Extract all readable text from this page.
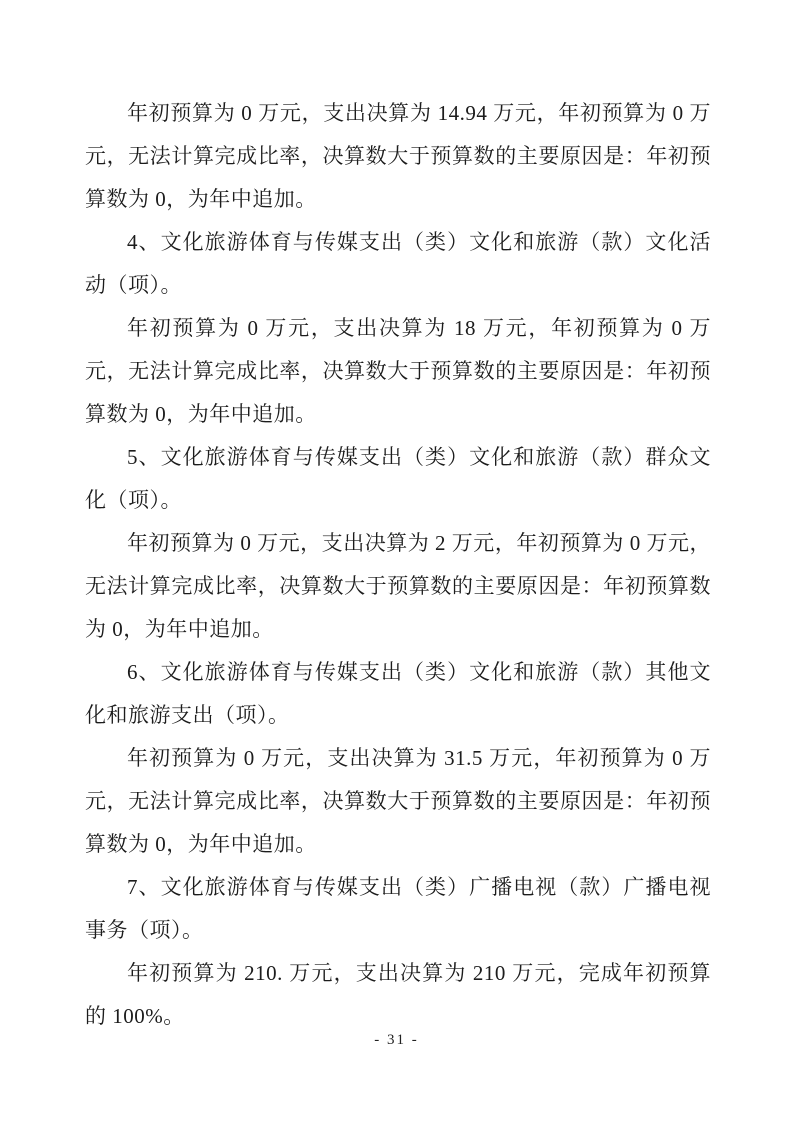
年初预算为 0 万元，支出决算为 14.94 万元，年初预算为 0 万元，无法计算完成比率，决算数大于预算数的主要原因是：年初预算数为 0，为年中追加。

4、文化旅游体育与传媒支出（类）文化和旅游（款）文化活动（项）。

年初预算为 0 万元，支出决算为 18 万元，年初预算为 0 万元，无法计算完成比率，决算数大于预算数的主要原因是：年初预算数为 0，为年中追加。

5、文化旅游体育与传媒支出（类）文化和旅游（款）群众文化（项）。

年初预算为 0 万元，支出决算为 2 万元，年初预算为 0 万元，无法计算完成比率，决算数大于预算数的主要原因是：年初预算数为 0，为年中追加。

6、文化旅游体育与传媒支出（类）文化和旅游（款）其他文化和旅游支出（项）。

年初预算为 0 万元，支出决算为 31.5 万元，年初预算为 0 万元，无法计算完成比率，决算数大于预算数的主要原因是：年初预算数为 0，为年中追加。

7、文化旅游体育与传媒支出（类）广播电视（款）广播电视事务（项）。

年初预算为 210. 万元，支出决算为 210 万元，完成年初预算的 100%。

- 31 -
